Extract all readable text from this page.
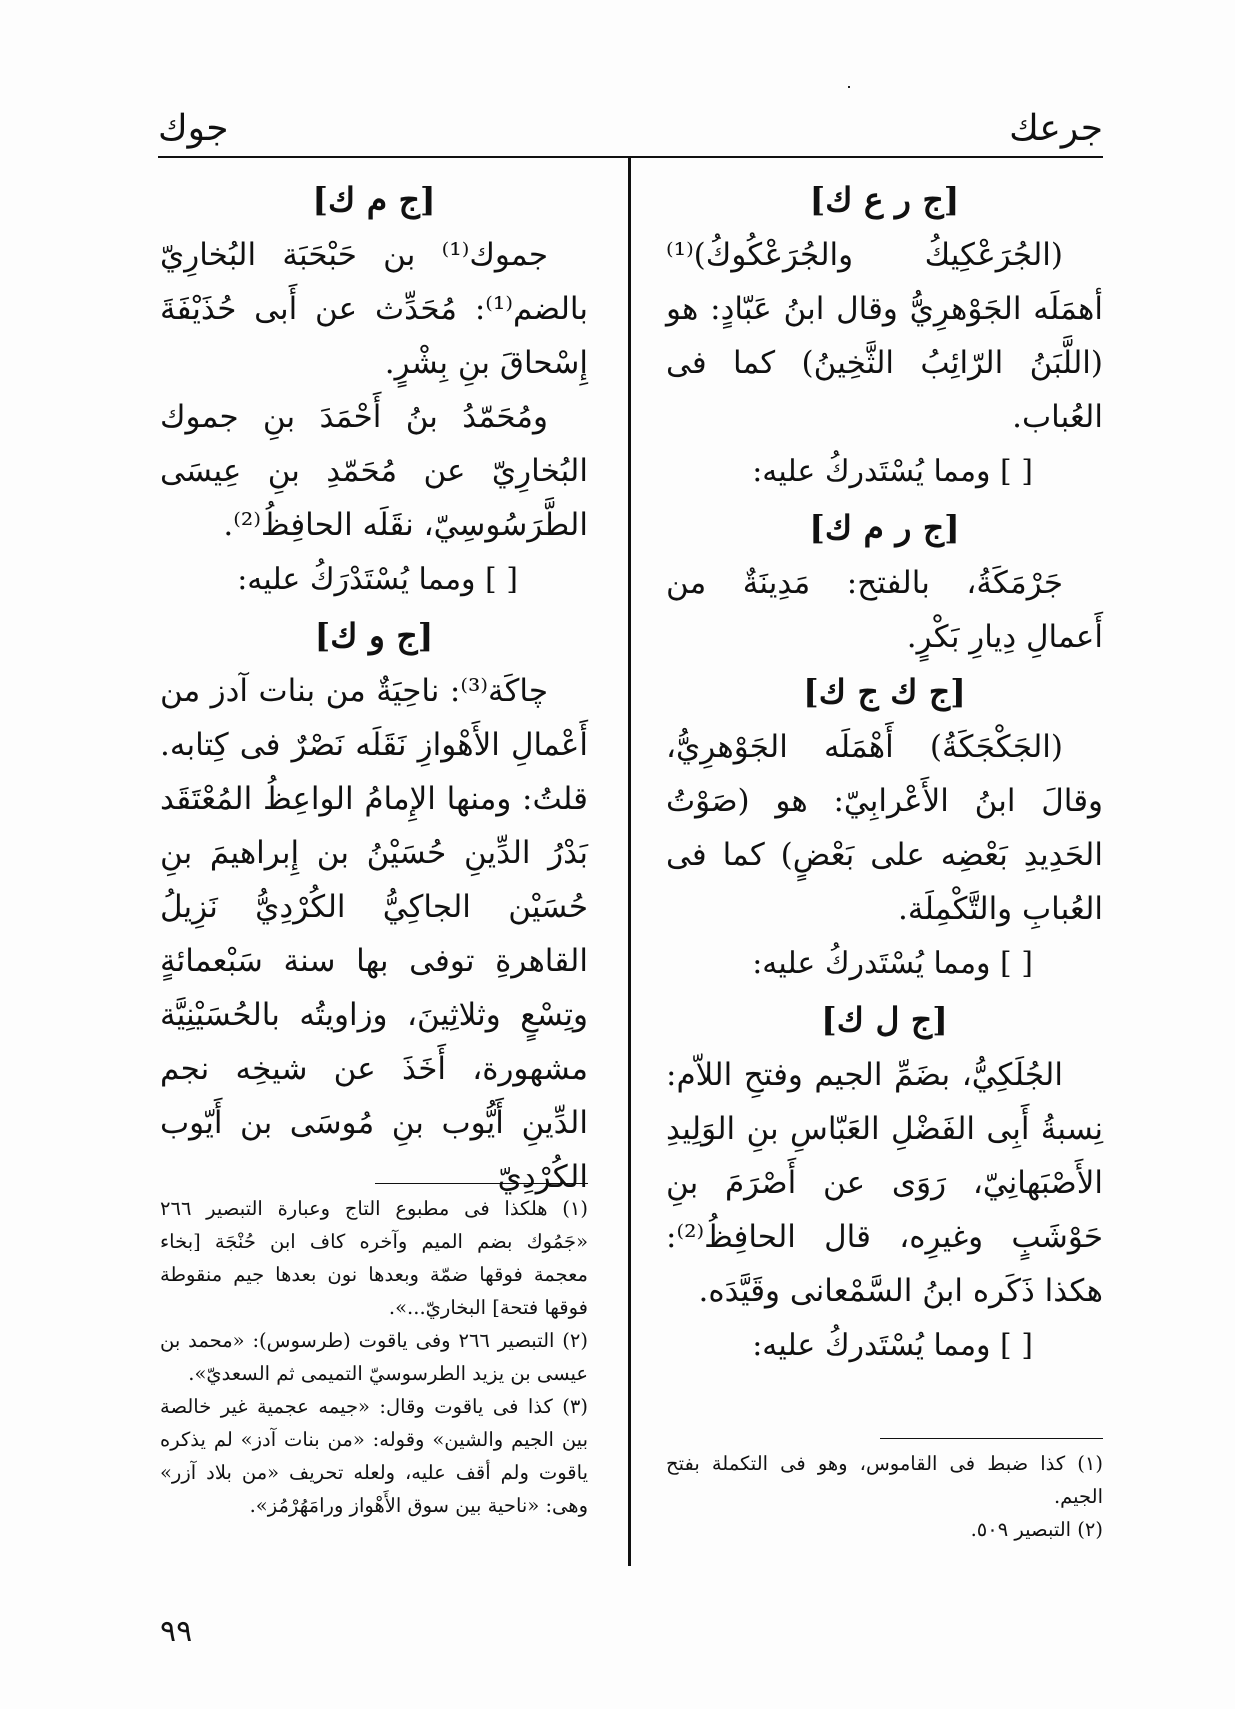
جوك	جرعك

[ج ر ع ك]

(الجُرَعْكِيكُ والجُرَعْكُوكُ)⁽¹⁾ أهمَلَه الجَوْهرِيُّ وقال ابنُ عَبّادٍ: هو (اللَّبَنُ الرّائِبُ الثَّخِينُ) كما فى العُباب.

[ ] ومما يُسْتَدركُ عليه:

[ج ر م ك]

جَرْمَكَةُ، بالفتح: مَدِينَةٌ من أَعمالِ دِيارِ بَكْرٍ.

[ج ك ج ك]

(الجَكْجَكَةُ) أَهْمَلَه الجَوْهرِيُّ، وقالَ ابنُ الأَعْرابِيّ: هو (صَوْتُ الحَدِيدِ بَعْضِه على بَعْضٍ) كما فى العُبابِ والتَّكْمِلَة.

[ ] ومما يُسْتَدركُ عليه:

[ج ل ك]

الجُلَكِيُّ، بضَمِّ الجيم وفتحِ اللاّم: نِسبةُ أَبِى الفَضْلِ العَبّاسِ بنِ الوَلِيدِ الأَصْبَهانِيّ، رَوَى عن أَصْرَمَ بنِ حَوْشَبٍ وغيرِه، قال الحافِظُ⁽²⁾: هكذا ذَكَره ابنُ السَّمْعانى وقَيَّدَه.

[ ] ومما يُسْتَدركُ عليه:

[ج م ك]

جموك⁽¹⁾ بن حَبْحَبَة البُخارِيّ بالضم⁽¹⁾: مُحَدِّث عن أَبى حُذَيْفَةَ إِسْحاقَ بنِ بِشْرٍ.

ومُحَمّدُ بنُ أَحْمَدَ بنِ جموك البُخارِيّ عن مُحَمّدِ بنِ عِيسَى الطَّرَسُوسِيّ، نقَلَه الحافِظُ⁽²⁾.

[ ] ومما يُسْتَدْرَكُ عليه:

[ج و ك]

چاكَة⁽³⁾: ناحِيَةٌ من بنات آدز من أَعْمالِ الأَهْوازِ نَقَلَه نَصْرٌ فى كِتابه. قلتُ: ومنها الإِمامُ الواعِظُ المُعْتَقَد بَدْرُ الدِّينِ حُسَيْنُ بن إِبراهيمَ بنِ حُسَيْن الجاكِيُّ الكُرْدِيُّ نَزِيلُ القاهرةِ توفى بها سنة سَبْعمائةٍ وتِسْعٍ وثلاثِينَ، وزاويتُه بالحُسَيْنِيَّة مشهورة، أَخَذَ عن شيخِه نجم الدِّينِ أَيُّوب بنِ مُوسَى بن أَيّوب الكُرْدِيّ

(١) كذا ضبط فى القاموس، وهو فى التكملة بفتح الجيم.

(٢) التبصير ٥٠٩.

(١) هلكذا فى مطبوع التاج وعبارة التبصير ٢٦٦ «جَمُوك بضم الميم وآخره كاف ابن حُنْجَة [بخاء معجمة فوقها ضمّة وبعدها نون بعدها جيم منقوطة فوقها فتحة] البخاريّ...».

(٢) التبصير ٢٦٦ وفى ياقوت (طرسوس): «محمد بن عيسى بن يزيد الطرسوسيّ التميمى ثم السعديّ».

(٣) كذا فى ياقوت وقال: «جيمه عجمية غير خالصة بين الجيم والشين» وقوله: «من بنات آدز» لم يذكره ياقوت ولم أقف عليه، ولعله تحريف «من بلاد آزر» وهى: «ناحية بين سوق الأَهْواز ورامَهُرْمُز».

٩٩
